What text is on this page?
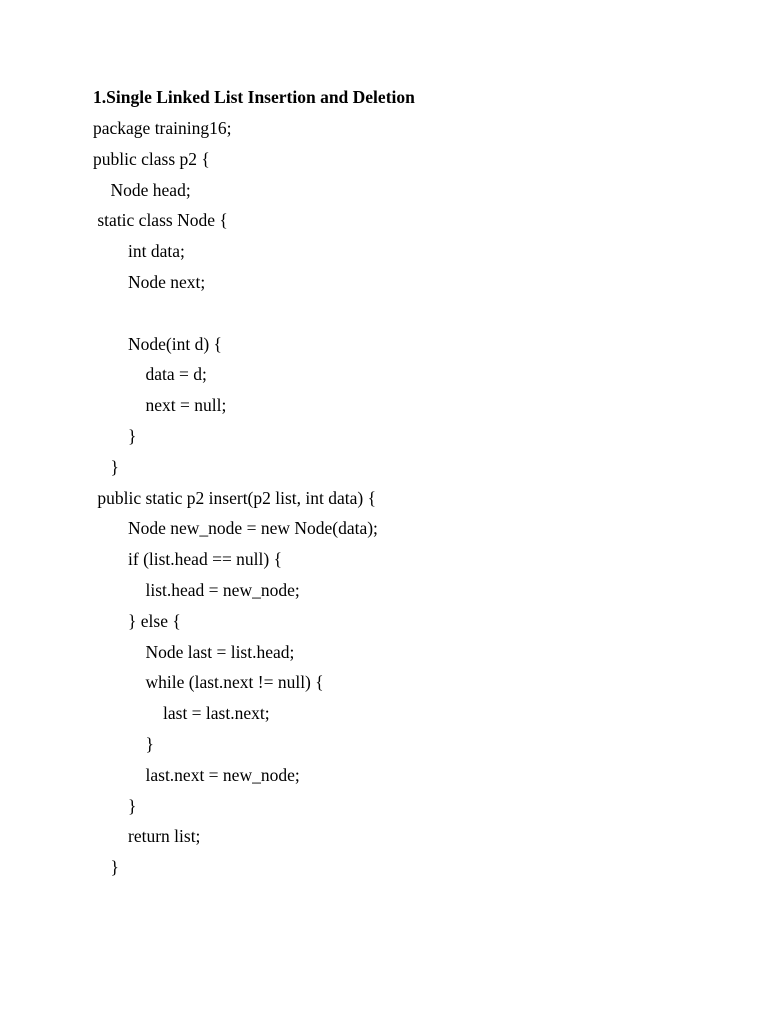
1.Single Linked List Insertion and Deletion
package training16;
public class p2 {
Node head;
static class Node {
int data;
Node next;
Node(int d) {
data = d;
next = null;
}
}
public static p2 insert(p2 list, int data) {
Node new_node = new Node(data);
if (list.head == null) {
list.head = new_node;
} else {
Node last = list.head;
while (last.next != null) {
last = last.next;
}
last.next = new_node;
}
return list;
}
